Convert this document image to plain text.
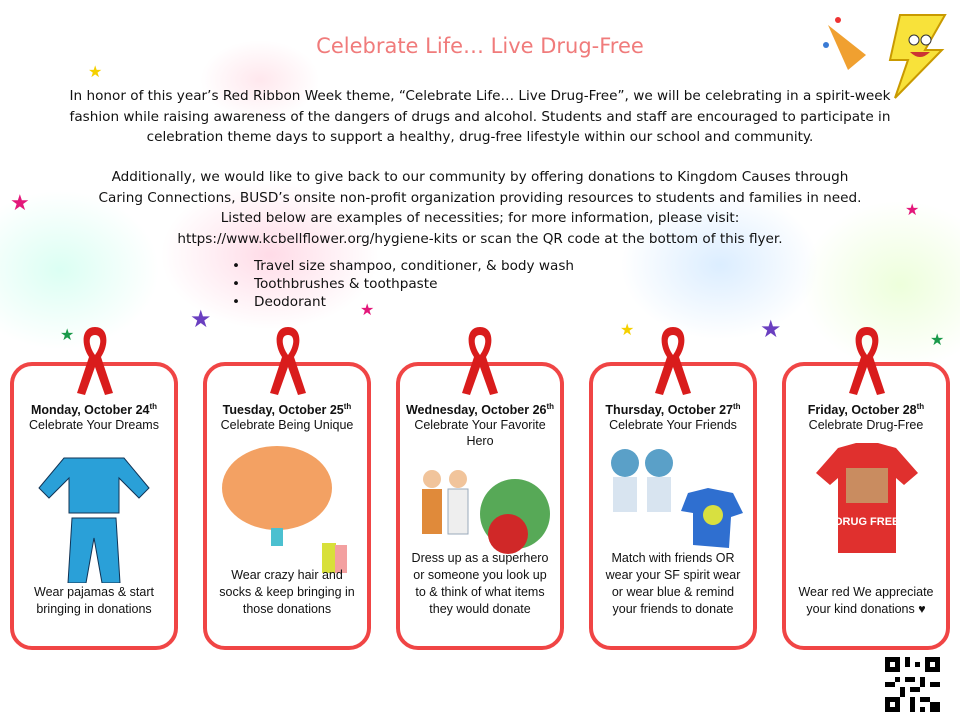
★
★
★	★
★
★
★	★
★
Celebrate Life… Live Drug-Free
In honor of this year’s Red Ribbon Week theme, “Celebrate Life… Live Drug-Free”, we will be celebrating in a spirit-week fashion while raising awareness of the dangers of drugs and alcohol. Students and staff are encouraged to participate in celebration theme days to support a healthy, drug-free lifestyle within our school and community.
Additionally, we would like to give back to our community by offering donations to Kingdom Causes through
Caring Connections, BUSD’s onsite non-profit organization providing resources to students and families in need.
Listed below are examples of necessities; for more information, please visit:
https://www.kcbellflower.org/hygiene-kits or scan the QR code at the bottom of this flyer.
• Travel size shampoo, conditioner, & body wash
• Toothbrushes & toothpaste
• Deodorant
Monday, October 24th
Celebrate Your Dreams
Wear pajamas & start bringing in donations
Tuesday, October 25th
Celebrate Being Unique
Wear crazy hair and socks & keep bringing in those donations
Wednesday, October 26th
Celebrate Your Favorite Hero
Dress up as a superhero or someone you look up to & think of what items they would donate
Thursday, October 27th
Celebrate Your Friends
Match with friends OR wear your SF spirit wear or wear blue & remind your friends to donate
Friday, October 28th
Celebrate Drug-Free
DRUG FREE
Wear red We appreciate your kind donations ♥
